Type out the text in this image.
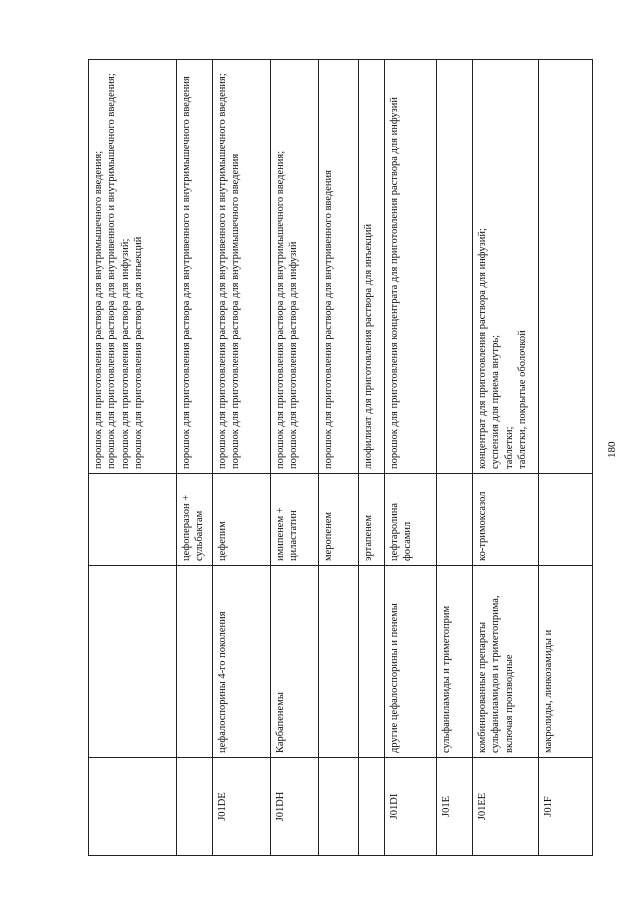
			порошок для приготовления раствора для внутримышечного введения;
порошок для приготовления раствора для внутривенного и внутримышечного введения;
порошок для приготовления раствора для инфузий;
порошок для приготовления раствора для инъекций
		цефоперазон + сульбактам	порошок для приготовления раствора для внутривенного и внутримышечного введения
J01DE	цефалоспорины 4-го поколения	цефепим	порошок для приготовления раствора для внутривенного и внутримышечного введения;
порошок для приготовления раствора для внутримышечного введения
J01DH	Карбапенемы	имипенем + циластатин	порошок для приготовления раствора для внутримышечного введения;
порошок для приготовления раствора для инфузий
		меропенем	порошок для приготовления раствора для внутривенного введения
		эртапенем	лиофилизат для приготовления раствора для инъекций
J01DI	другие цефалоспорины и пенемы	цефтаролина фосамил	порошок для приготовления концентрата для приготовления раствора для инфузий
J01E	сульфаниламиды и триметоприм		
J01EE	комбинированные препараты сульфаниламидов и триметоприма, включая производные	ко-тримоксазол	концентрат для приготовления раствора для инфузий;
суспензия для приема внутрь;
таблетки;
таблетки, покрытые оболочкой
J01F	макролиды, линкозамиды и		
180
